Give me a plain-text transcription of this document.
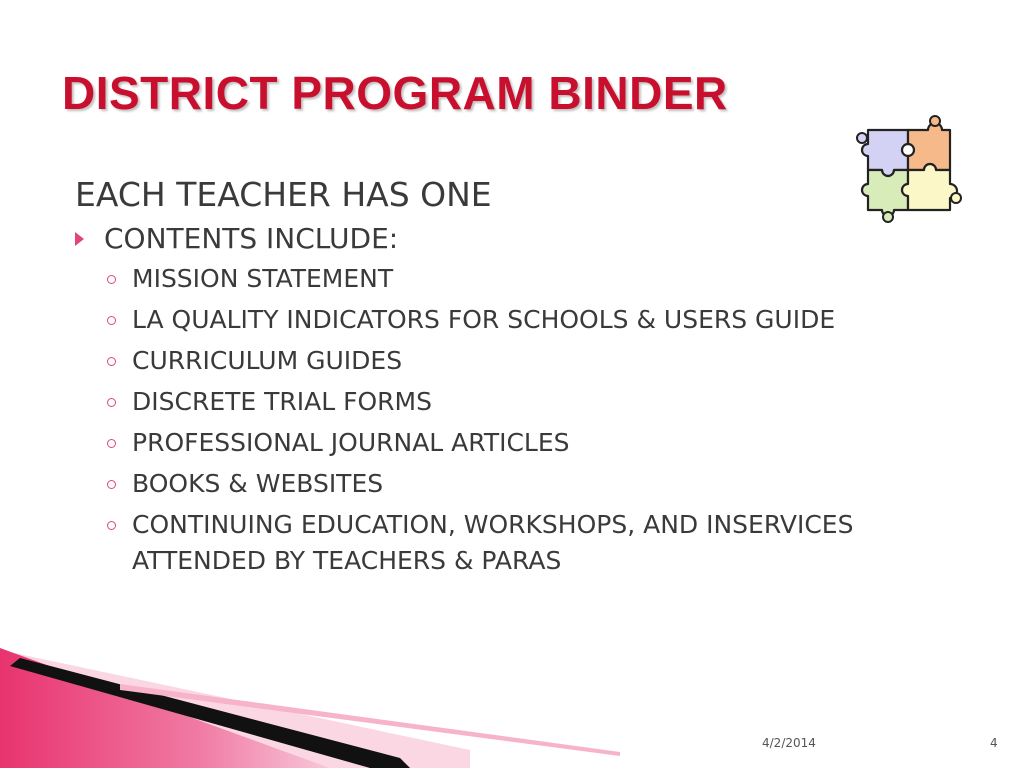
DISTRICT PROGRAM BINDER
EACH TEACHER HAS ONE
CONTENTS INCLUDE:
MISSION STATEMENT
LA QUALITY INDICATORS FOR SCHOOLS & USERS GUIDE
CURRICULUM GUIDES
DISCRETE TRIAL FORMS
PROFESSIONAL JOURNAL ARTICLES
BOOKS & WEBSITES
CONTINUING EDUCATION, WORKSHOPS, AND INSERVICES ATTENDED BY TEACHERS & PARAS
4/2/2014	4
